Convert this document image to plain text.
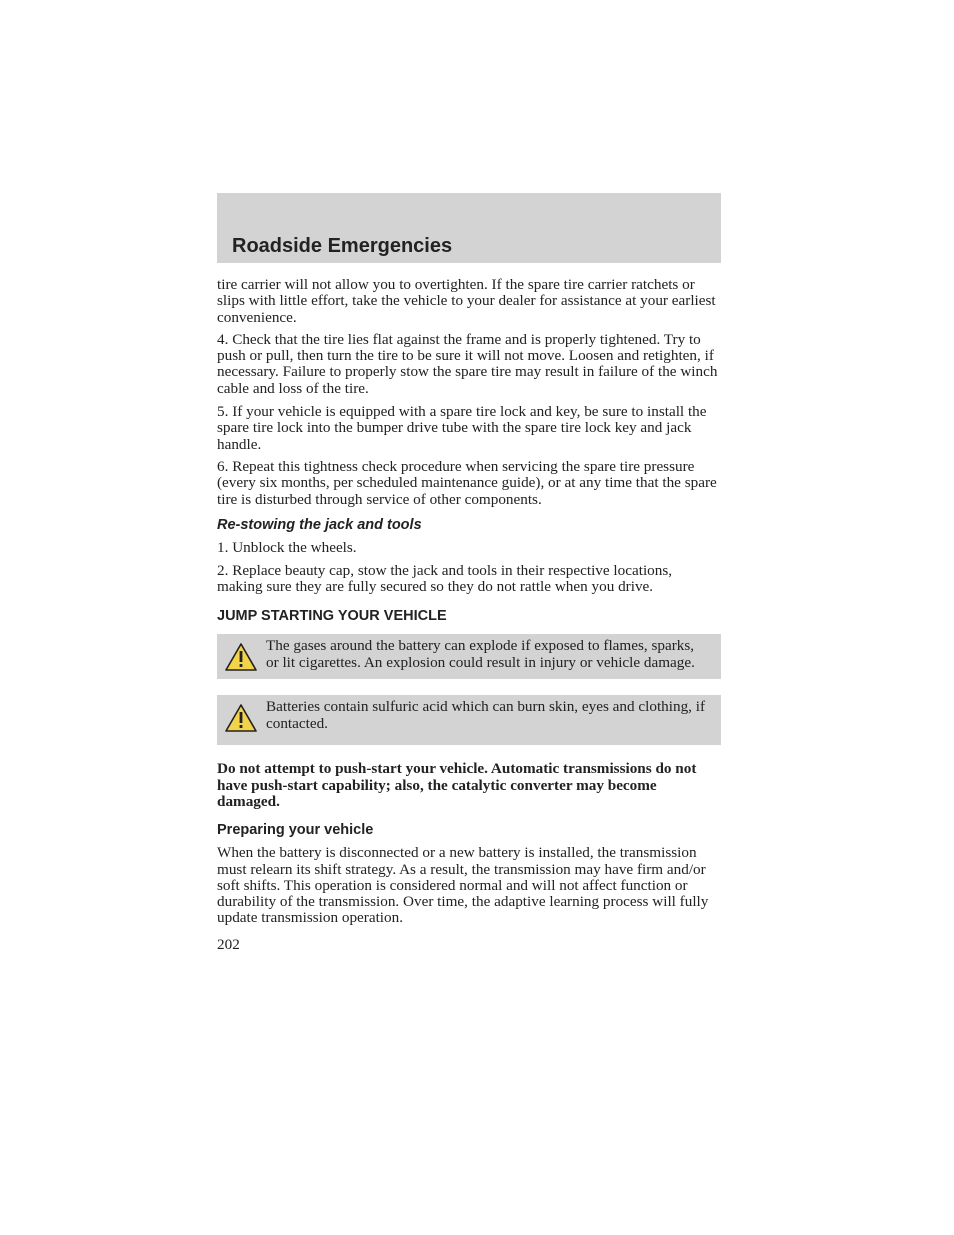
Roadside Emergencies

tire carrier will not allow you to overtighten. If the spare tire carrier ratchets or slips with little effort, take the vehicle to your dealer for assistance at your earliest convenience.

4. Check that the tire lies flat against the frame and is properly tightened. Try to push or pull, then turn the tire to be sure it will not move. Loosen and retighten, if necessary. Failure to properly stow the spare tire may result in failure of the winch cable and loss of the tire.

5. If your vehicle is equipped with a spare tire lock and key, be sure to install the spare tire lock into the bumper drive tube with the spare tire lock key and jack handle.

6. Repeat this tightness check procedure when servicing the spare tire pressure (every six months, per scheduled maintenance guide), or at any time that the spare tire is disturbed through service of other components.

Re-stowing the jack and tools

1. Unblock the wheels.

2. Replace beauty cap, stow the jack and tools in their respective locations, making sure they are fully secured so they do not rattle when you drive.

JUMP STARTING YOUR VEHICLE

The gases around the battery can explode if exposed to flames, sparks, or lit cigarettes. An explosion could result in injury or vehicle damage.

Batteries contain sulfuric acid which can burn skin, eyes and clothing, if contacted.

Do not attempt to push-start your vehicle. Automatic transmissions do not have push-start capability; also, the catalytic converter may become damaged.

Preparing your vehicle

When the battery is disconnected or a new battery is installed, the transmission must relearn its shift strategy. As a result, the transmission may have firm and/or soft shifts. This operation is considered normal and will not affect function or durability of the transmission. Over time, the adaptive learning process will fully update transmission operation.

202
